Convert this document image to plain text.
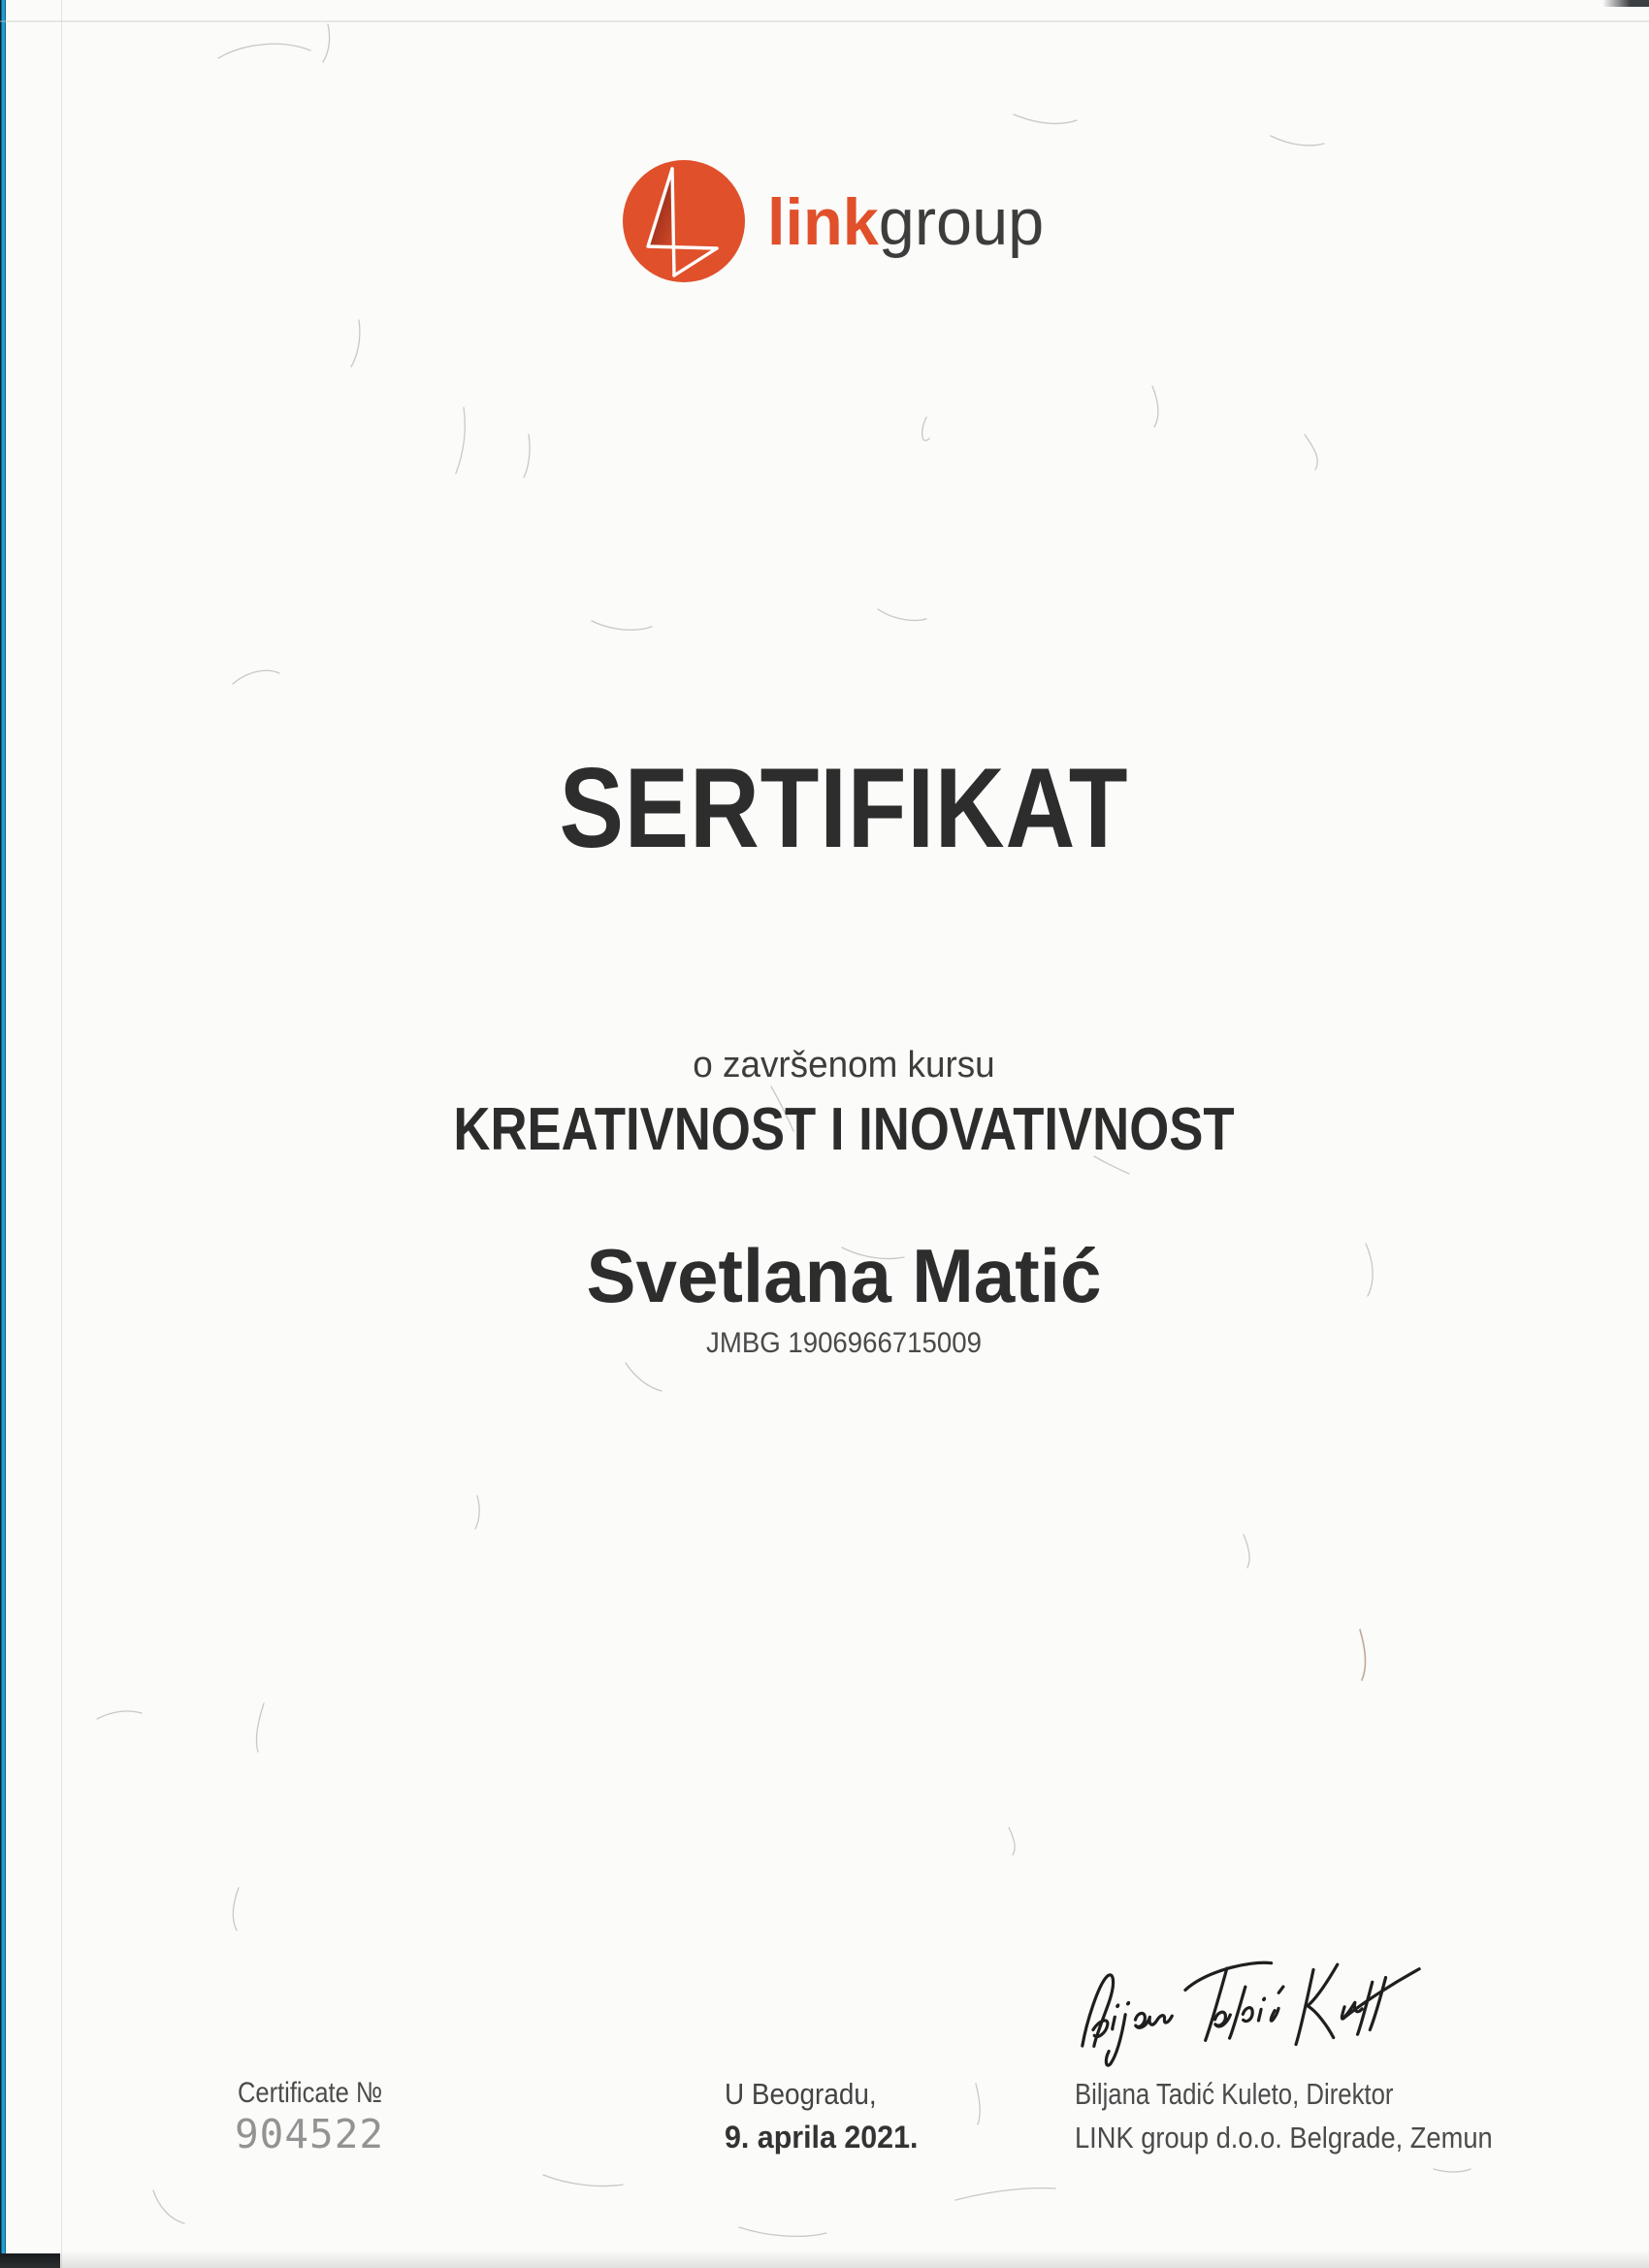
linkgroup
SERTIFIKAT
o završenom kursu
KREATIVNOST I INOVATIVNOST
Svetlana Matić
JMBG 1906966715009
Certificate №
904522
U Beogradu,
9. aprila 2021.
Biljana Tadić Kuleto, Direktor
LINK group d.o.o. Belgrade, Zemun
